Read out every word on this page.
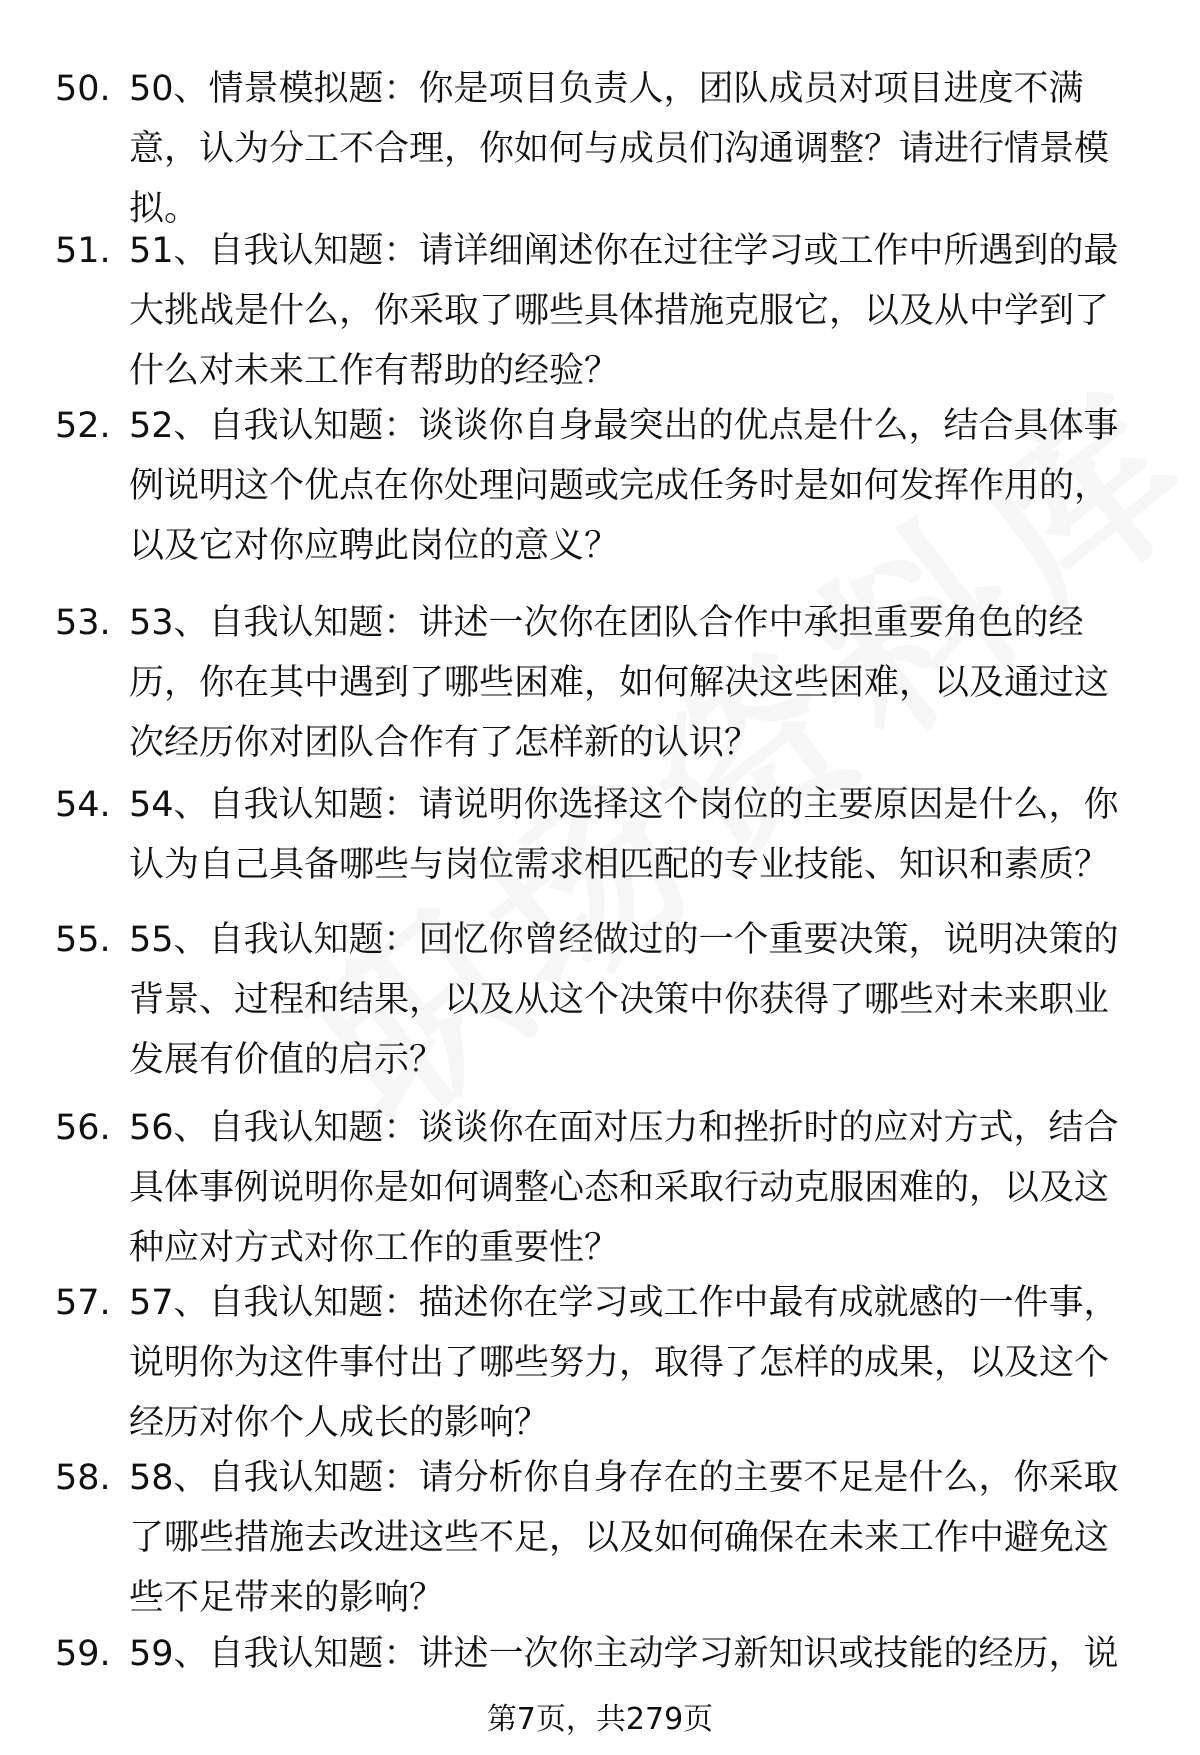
50. 50、情景模拟题：你是项目负责人，团队成员对项目进度不满
意，认为分工不合理，你如何与成员们沟通调整？请进行情景模
拟。
51. 51、自我认知题：请详细阐述你在过往学习或工作中所遇到的最
大挑战是什么，你采取了哪些具体措施克服它，以及从中学到了
什么对未来工作有帮助的经验？
52. 52、自我认知题：谈谈你自身最突出的优点是什么，结合具体事
例说明这个优点在你处理问题或完成任务时是如何发挥作用的，
以及它对你应聘此岗位的意义？
53. 53、自我认知题：讲述一次你在团队合作中承担重要角色的经
历，你在其中遇到了哪些困难，如何解决这些困难，以及通过这
次经历你对团队合作有了怎样新的认识？
54. 54、自我认知题：请说明你选择这个岗位的主要原因是什么，你
认为自己具备哪些与岗位需求相匹配的专业技能、知识和素质？
55. 55、自我认知题：回忆你曾经做过的一个重要决策，说明决策的
背景、过程和结果，以及从这个决策中你获得了哪些对未来职业
发展有价值的启示？
56. 56、自我认知题：谈谈你在面对压力和挫折时的应对方式，结合
具体事例说明你是如何调整心态和采取行动克服困难的，以及这
种应对方式对你工作的重要性？
57. 57、自我认知题：描述你在学习或工作中最有成就感的一件事，
说明你为这件事付出了哪些努力，取得了怎样的成果，以及这个
经历对你个人成长的影响？
58. 58、自我认知题：请分析你自身存在的主要不足是什么，你采取
了哪些措施去改进这些不足，以及如何确保在未来工作中避免这
些不足带来的影响？
59. 59、自我认知题：讲述一次你主动学习新知识或技能的经历，说
第7页，共279页
